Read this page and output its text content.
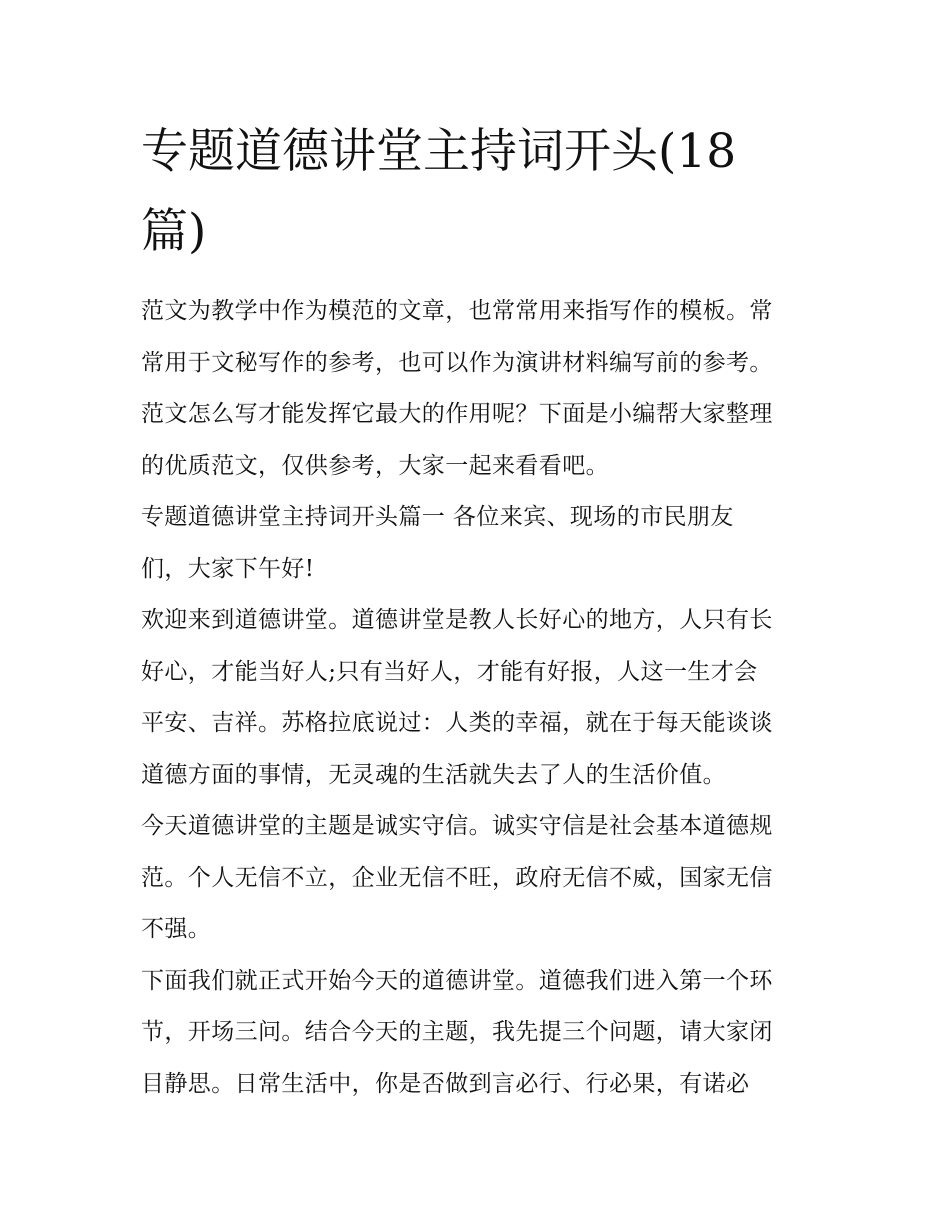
专题道德讲堂主持词开头(18
篇)

范文为教学中作为模范的文章，也常常用来指写作的模板。常
常用于文秘写作的参考，也可以作为演讲材料编写前的参考。
范文怎么写才能发挥它最大的作用呢？下面是小编帮大家整理
的优质范文，仅供参考，大家一起来看看吧。

专题道德讲堂主持词开头篇一 各位来宾、现场的市民朋友
们，大家下午好!

欢迎来到道德讲堂。道德讲堂是教人长好心的地方，人只有长
好心，才能当好人;只有当好人，才能有好报，人这一生才会
平安、吉祥。苏格拉底说过：人类的幸福，就在于每天能谈谈
道德方面的事情，无灵魂的生活就失去了人的生活价值。

今天道德讲堂的主题是诚实守信。诚实守信是社会基本道德规
范。个人无信不立，企业无信不旺，政府无信不威，国家无信
不强。

下面我们就正式开始今天的道德讲堂。道德我们进入第一个环
节，开场三问。结合今天的主题，我先提三个问题，请大家闭
目静思。日常生活中，你是否做到言必行、行必果，有诺必
